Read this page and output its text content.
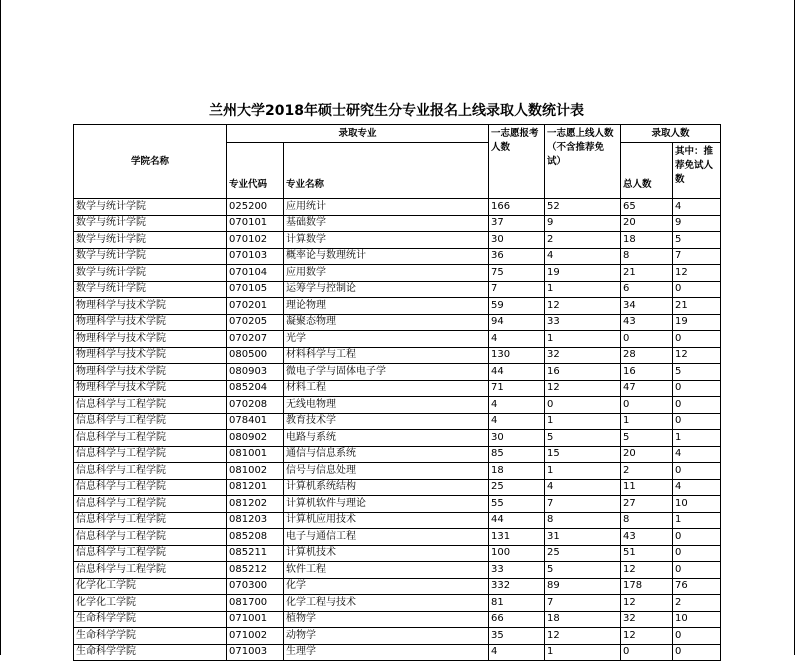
兰州大学2018年硕士研究生分专业报名上线录取人数统计表
学院名称	录取专业		一志愿报考人数	一志愿上线人数（不含推荐免试）	录取人数	
	专业代码	专业名称			总人数	其中：推荐免试人数
数学与统计学院	025200	应用统计	166	52	65	4
数学与统计学院	070101	基础数学	37	9	20	9
数学与统计学院	070102	计算数学	30	2	18	5
数学与统计学院	070103	概率论与数理统计	36	4	8	7
数学与统计学院	070104	应用数学	75	19	21	12
数学与统计学院	070105	运筹学与控制论	7	1	6	0
物理科学与技术学院	070201	理论物理	59	12	34	21
物理科学与技术学院	070205	凝聚态物理	94	33	43	19
物理科学与技术学院	070207	光学	4	1	0	0
物理科学与技术学院	080500	材料科学与工程	130	32	28	12
物理科学与技术学院	080903	微电子学与固体电子学	44	16	16	5
物理科学与技术学院	085204	材料工程	71	12	47	0
信息科学与工程学院	070208	无线电物理	4	0	0	0
信息科学与工程学院	078401	教育技术学	4	1	1	0
信息科学与工程学院	080902	电路与系统	30	5	5	1
信息科学与工程学院	081001	通信与信息系统	85	15	20	4
信息科学与工程学院	081002	信号与信息处理	18	1	2	0
信息科学与工程学院	081201	计算机系统结构	25	4	11	4
信息科学与工程学院	081202	计算机软件与理论	55	7	27	10
信息科学与工程学院	081203	计算机应用技术	44	8	8	1
信息科学与工程学院	085208	电子与通信工程	131	31	43	0
信息科学与工程学院	085211	计算机技术	100	25	51	0
信息科学与工程学院	085212	软件工程	33	5	12	0
化学化工学院	070300	化学	332	89	178	76
化学化工学院	081700	化学工程与技术	81	7	12	2
生命科学学院	071001	植物学	66	18	32	10
生命科学学院	071002	动物学	35	12	12	0
生命科学学院	071003	生理学	4	1	0	0
